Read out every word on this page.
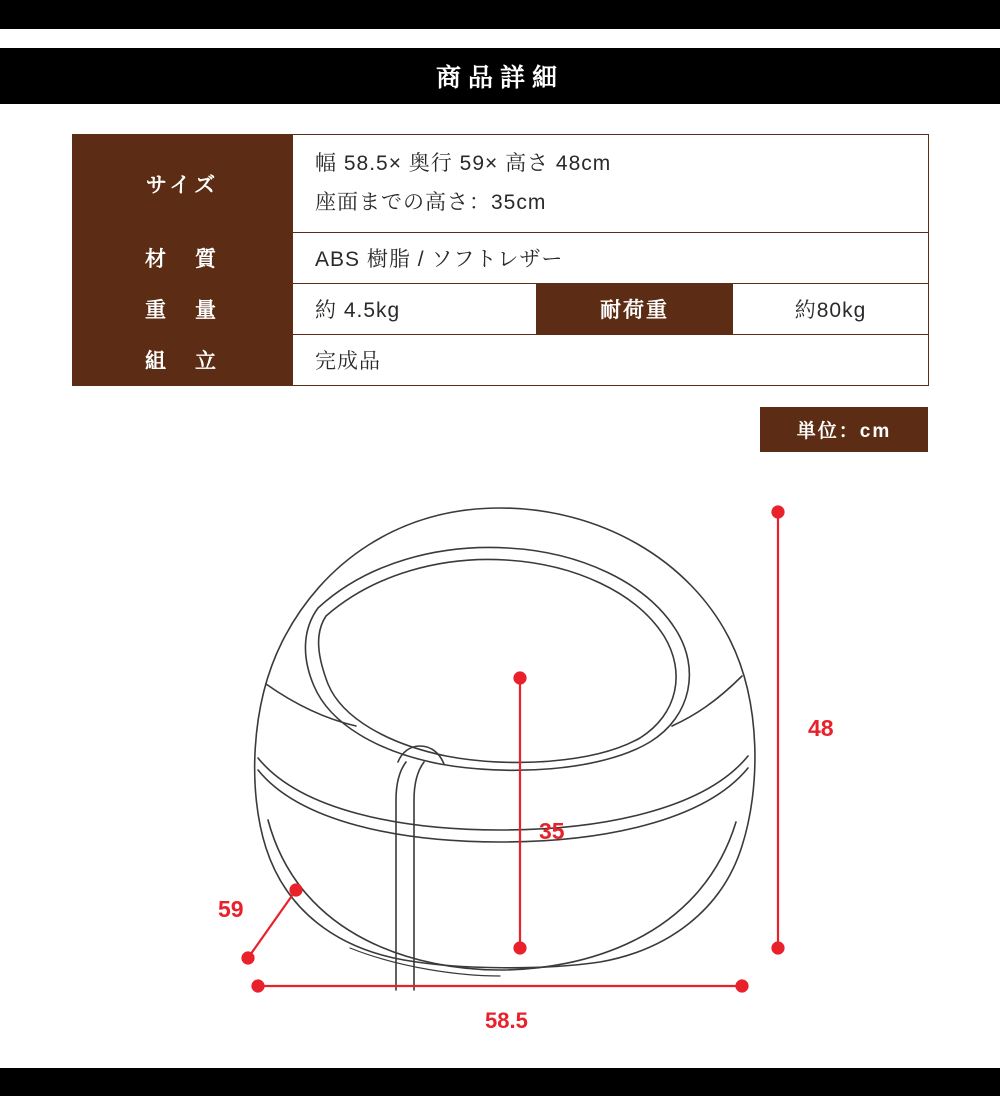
商品詳細
サイズ	幅 58.5× 奥行 59× 高さ 48cm
座面までの高さ：35cm		

材　質	ABS 樹脂 / ソフトレザー		
重　量	約 4.5kg	耐荷重	約80kg
組　立	完成品		
単位：cm
48
35
59
58.5
